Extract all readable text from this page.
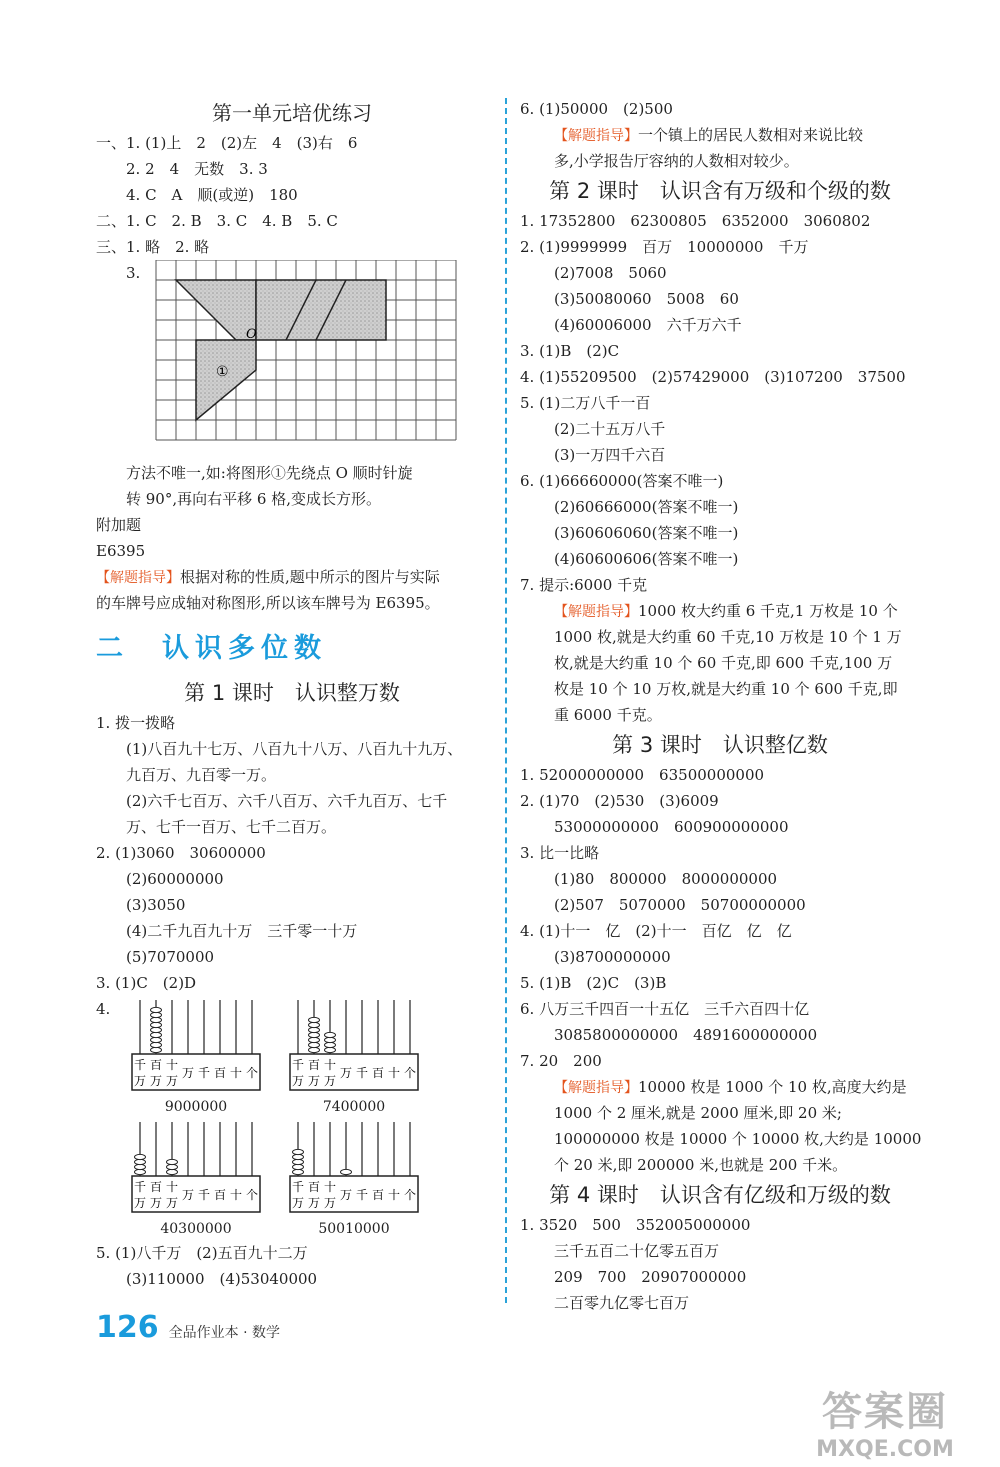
第一单元培优练习
一、1. (1)上　2　(2)左　4　(3)右　6
2. 2　4　无数　3. 3
4. C　A　顺(或逆)　180
二、1. C　2. B　3. C　4. B　5. C
三、1. 略　2. 略
3.
O
①
方法不唯一,如:将图形①先绕点 O 顺时针旋
转 90°,再向右平移 6 格,变成长方形。
附加题
E6395
【解题指导】根据对称的性质,题中所示的图片与实际
的车牌号应成轴对称图形,所以该车牌号为 E6395。
二　认识多位数
第 1 课时　认识整万数
1. 拨一拨略
(1)八百九十七万、八百九十八万、八百九十九万、
九百万、九百零一万。
(2)六千七百万、六千八百万、六千九百万、七千
万、七千一百万、七千二百万。
2. (1)3060　30600000
(2)60000000
(3)3050
(4)二千九百九十万　三千零一十万
(5)7070000
3. (1)C　(2)D
4.
千
万
百
万
十
万
万 千 百 十 个
9000000
千
万
百
万
十
万
万 千 百 十 个
7400000
千
万
百
万
十
万
万 千 百 十 个
40300000
千
万
百
万
十
万
万 千 百 十 个
50010000
5. (1)八千万　(2)五百九十二万
(3)110000　(4)53040000
6. (1)50000　(2)500
【解题指导】一个镇上的居民人数相对来说比较
多,小学报告厅容纳的人数相对较少。
第 2 课时　认识含有万级和个级的数
1. 17352800　62300805　6352000　3060802
2. (1)9999999　百万　10000000　千万
(2)7008　5060
(3)50080060　5008　60
(4)60006000　六千万六千
3. (1)B　(2)C
4. (1)55209500　(2)57429000　(3)107200　37500
5. (1)二万八千一百
(2)二十五万八千
(3)一万四千六百
6. (1)66660000(答案不唯一)
(2)60666000(答案不唯一)
(3)60606060(答案不唯一)
(4)60600606(答案不唯一)
7. 提示:6000 千克
【解题指导】1000 枚大约重 6 千克,1 万枚是 10 个
1000 枚,就是大约重 60 千克,10 万枚是 10 个 1 万
枚,就是大约重 10 个 60 千克,即 600 千克,100 万
枚是 10 个 10 万枚,就是大约重 10 个 600 千克,即
重 6000 千克。
第 3 课时　认识整亿数
1. 52000000000　63500000000
2. (1)70　(2)530　(3)6009
53000000000　600900000000
3. 比一比略
(1)80　800000　8000000000
(2)507　5070000　50700000000
4. (1)十一　亿　(2)十一　百亿　亿　亿
(3)8700000000
5. (1)B　(2)C　(3)B
6. 八万三千四百一十五亿　三千六百四十亿
3085800000000　4891600000000
7. 20　200
【解题指导】10000 枚是 1000 个 10 枚,高度大约是
1000 个 2 厘米,就是 2000 厘米,即 20 米;
100000000 枚是 10000 个 10000 枚,大约是 10000
个 20 米,即 200000 米,也就是 200 千米。
第 4 课时　认识含有亿级和万级的数
1. 3520　500　352005000000
三千五百二十亿零五百万
209　700　20907000000
二百零九亿零七百万
126 全品作业本 · 数学
答案圈
MXQE.COM
